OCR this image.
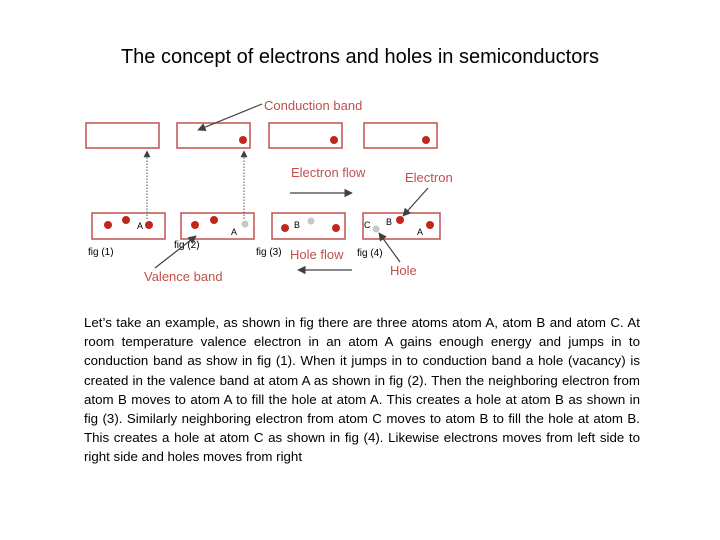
The concept of electrons and holes in semiconductors
A
A
B	C B
A
fig (1)
fig (2)
fig (3)	fig (4)
Conduction band
Electron flow	Electron
Hole flow
Hole
Valence band
Let’s take an example, as shown in fig there are three atoms atom A, atom B and atom C. At room temperature valence electron in an atom A gains enough energy and jumps in to conduction band as show in fig (1). When it jumps in to conduction band a hole (vacancy) is created in the valence band at atom A as shown in fig (2). Then the neighboring electron from atom B moves to atom A to fill the hole at atom A. This creates a hole at atom B as shown in fig (3). Similarly neighboring electron from atom C moves to atom B to fill the hole at atom B. This creates a hole at atom C as shown in fig (4). Likewise electrons moves from left side to right side and holes moves from right
